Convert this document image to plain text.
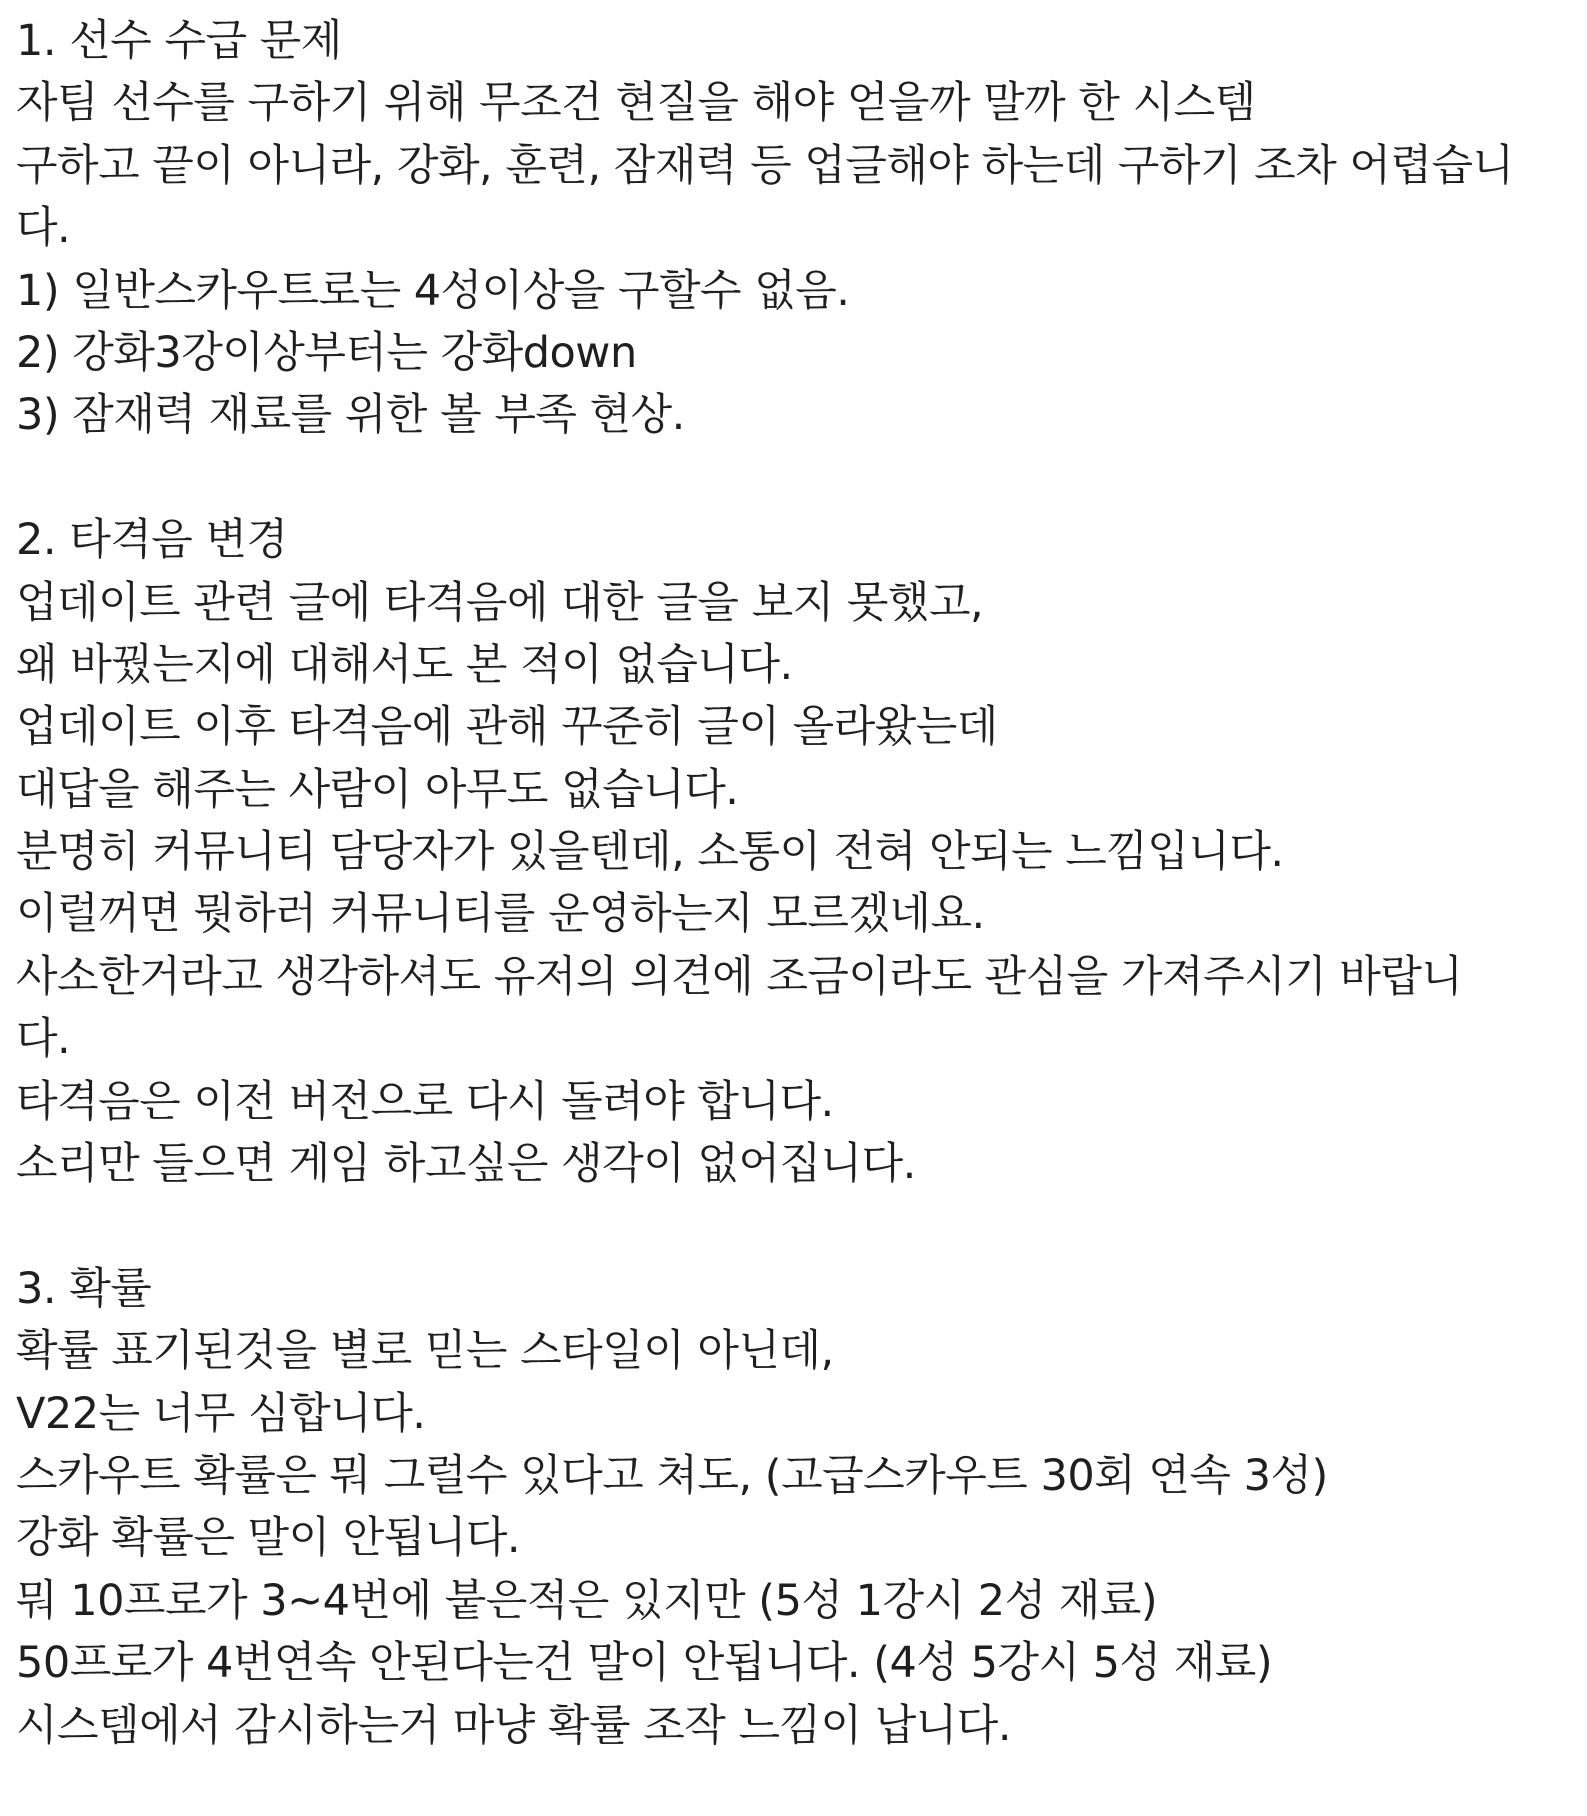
1. 선수 수급 문제
자팀 선수를 구하기 위해 무조건 현질을 해야 얻을까 말까 한 시스템
구하고 끝이 아니라, 강화, 훈련, 잠재력 등 업글해야 하는데 구하기 조차 어렵습니
다.
1) 일반스카우트로는 4성이상을 구할수 없음.
2) 강화3강이상부터는 강화down
3) 잠재력 재료를 위한 볼 부족 현상.
2. 타격음 변경
업데이트 관련 글에 타격음에 대한 글을 보지 못했고,
왜 바꿨는지에 대해서도 본 적이 없습니다.
업데이트 이후 타격음에 관해 꾸준히 글이 올라왔는데
대답을 해주는 사람이 아무도 없습니다.
분명히 커뮤니티 담당자가 있을텐데, 소통이 전혀 안되는 느낌입니다.
이럴꺼면 뭣하러 커뮤니티를 운영하는지 모르겠네요.
사소한거라고 생각하셔도 유저의 의견에 조금이라도 관심을 가져주시기 바랍니
다.
타격음은 이전 버전으로 다시 돌려야 합니다.
소리만 들으면 게임 하고싶은 생각이 없어집니다.
3. 확률
확률 표기된것을 별로 믿는 스타일이 아닌데,
V22는 너무 심합니다.
스카우트 확률은 뭐 그럴수 있다고 쳐도, (고급스카우트 30회 연속 3성)
강화 확률은 말이 안됩니다.
뭐 10프로가 3~4번에 붙은적은 있지만 (5성 1강시 2성 재료)
50프로가 4번연속 안된다는건 말이 안됩니다. (4성 5강시 5성 재료)
시스템에서 감시하는거 마냥 확률 조작 느낌이 납니다.
